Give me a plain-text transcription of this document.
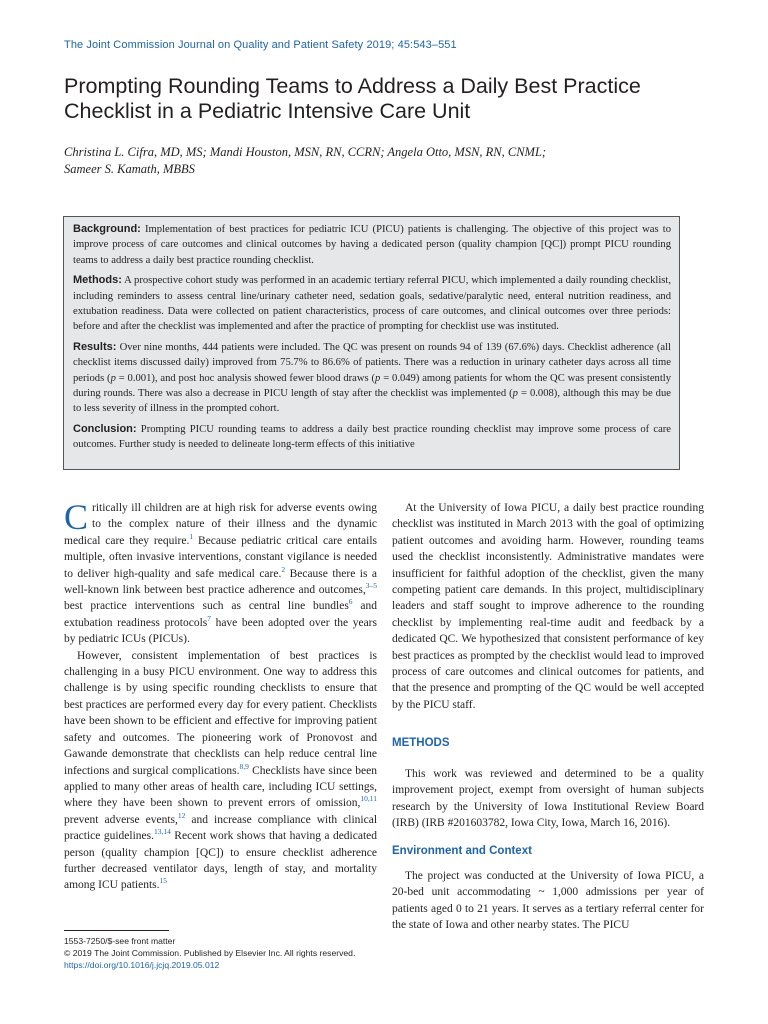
The Joint Commission Journal on Quality and Patient Safety 2019; 45:543–551
Prompting Rounding Teams to Address a Daily Best Practice Checklist in a Pediatric Intensive Care Unit
Christina L. Cifra, MD, MS; Mandi Houston, MSN, RN, CCRN; Angela Otto, MSN, RN, CNML;
Sameer S. Kamath, MBBS

Background: Implementation of best practices for pediatric ICU (PICU) patients is challenging. The objective of this project was to improve process of care outcomes and clinical outcomes by having a dedicated person (quality champion [QC]) prompt PICU rounding teams to address a daily best practice rounding checklist.

Methods: A prospective cohort study was performed in an academic tertiary referral PICU, which implemented a daily rounding checklist, including reminders to assess central line/urinary catheter need, sedation goals, sedative/paralytic need, enteral nutrition readiness, and extubation readiness. Data were collected on patient characteristics, process of care outcomes, and clinical outcomes over three periods: before and after the checklist was implemented and after the practice of prompting for checklist use was instituted.

Results: Over nine months, 444 patients were included. The QC was present on rounds 94 of 139 (67.6%) days. Checklist adherence (all checklist items discussed daily) improved from 75.7% to 86.6% of patients. There was a reduction in urinary catheter days across all time periods (p = 0.001), and post hoc analysis showed fewer blood draws (p = 0.049) among patients for whom the QC was present consistently during rounds. There was also a decrease in PICU length of stay after the checklist was implemented (p = 0.008), although this may be due to less severity of illness in the prompted cohort.

Conclusion: Prompting PICU rounding teams to address a daily best practice rounding checklist may improve some process of care outcomes. Further study is needed to delineate long-term effects of this initiative

Critically ill children are at high risk for adverse events owing to the complex nature of their illness and the dynamic medical care they require.$^1$ Because pediatric critical care entails multiple, often invasive interventions, constant vigilance is needed to deliver high-quality and safe medical care.$^2$ Because there is a well-known link between best practice adherence and outcomes,$^{3-5}$ best practice interventions such as central line bundles$^6$ and extubation readiness protocols$^7$ have been adopted over the years by pediatric ICUs (PICUs).

However, consistent implementation of best practices is challenging in a busy PICU environment. One way to address this challenge is by using specific rounding checklists to ensure that best practices are performed every day for every patient. Checklists have been shown to be efficient and effective for improving patient safety and outcomes. The pioneering work of Pronovost and Gawande demonstrate that checklists can help reduce central line infections and surgical complications.$^{8,9}$ Checklists have since been applied to many other areas of health care, including ICU settings, where they have been shown to prevent errors of omission,$^{10,11}$ prevent adverse events,$^{12}$ and increase compliance with clinical practice guidelines.$^{13,14}$ Recent work shows that having a dedicated person (quality champion [QC]) to ensure checklist adherence further decreased ventilator days, length of stay, and mortality among ICU patients.$^{15}$

At the University of Iowa PICU, a daily best practice rounding checklist was instituted in March 2013 with the goal of optimizing patient outcomes and avoiding harm. However, rounding teams used the checklist inconsistently. Administrative mandates were insufficient for faithful adoption of the checklist, given the many competing patient care demands. In this project, multidisciplinary leaders and staff sought to improve adherence to the rounding checklist by implementing real-time audit and feedback by a dedicated QC. We hypothesized that consistent performance of key best practices as prompted by the checklist would lead to improved process of care outcomes and clinical outcomes for patients, and that the presence and prompting of the QC would be well accepted by the PICU staff.

METHODS

This work was reviewed and determined to be a quality improvement project, exempt from oversight of human subjects research by the University of Iowa Institutional Review Board (IRB) (IRB #201603782, Iowa City, Iowa, March 16, 2016).

Environment and Context

The project was conducted at the University of Iowa PICU, a 20-bed unit accommodating ~ 1,000 admissions per year of patients aged 0 to 21 years. It serves as a tertiary referral center for the state of Iowa and other nearby states. The PICU

1553-7250/$-see front matter
© 2019 The Joint Commission. Published by Elsevier Inc. All rights reserved.
https://doi.org/10.1016/j.jcjq.2019.05.012
